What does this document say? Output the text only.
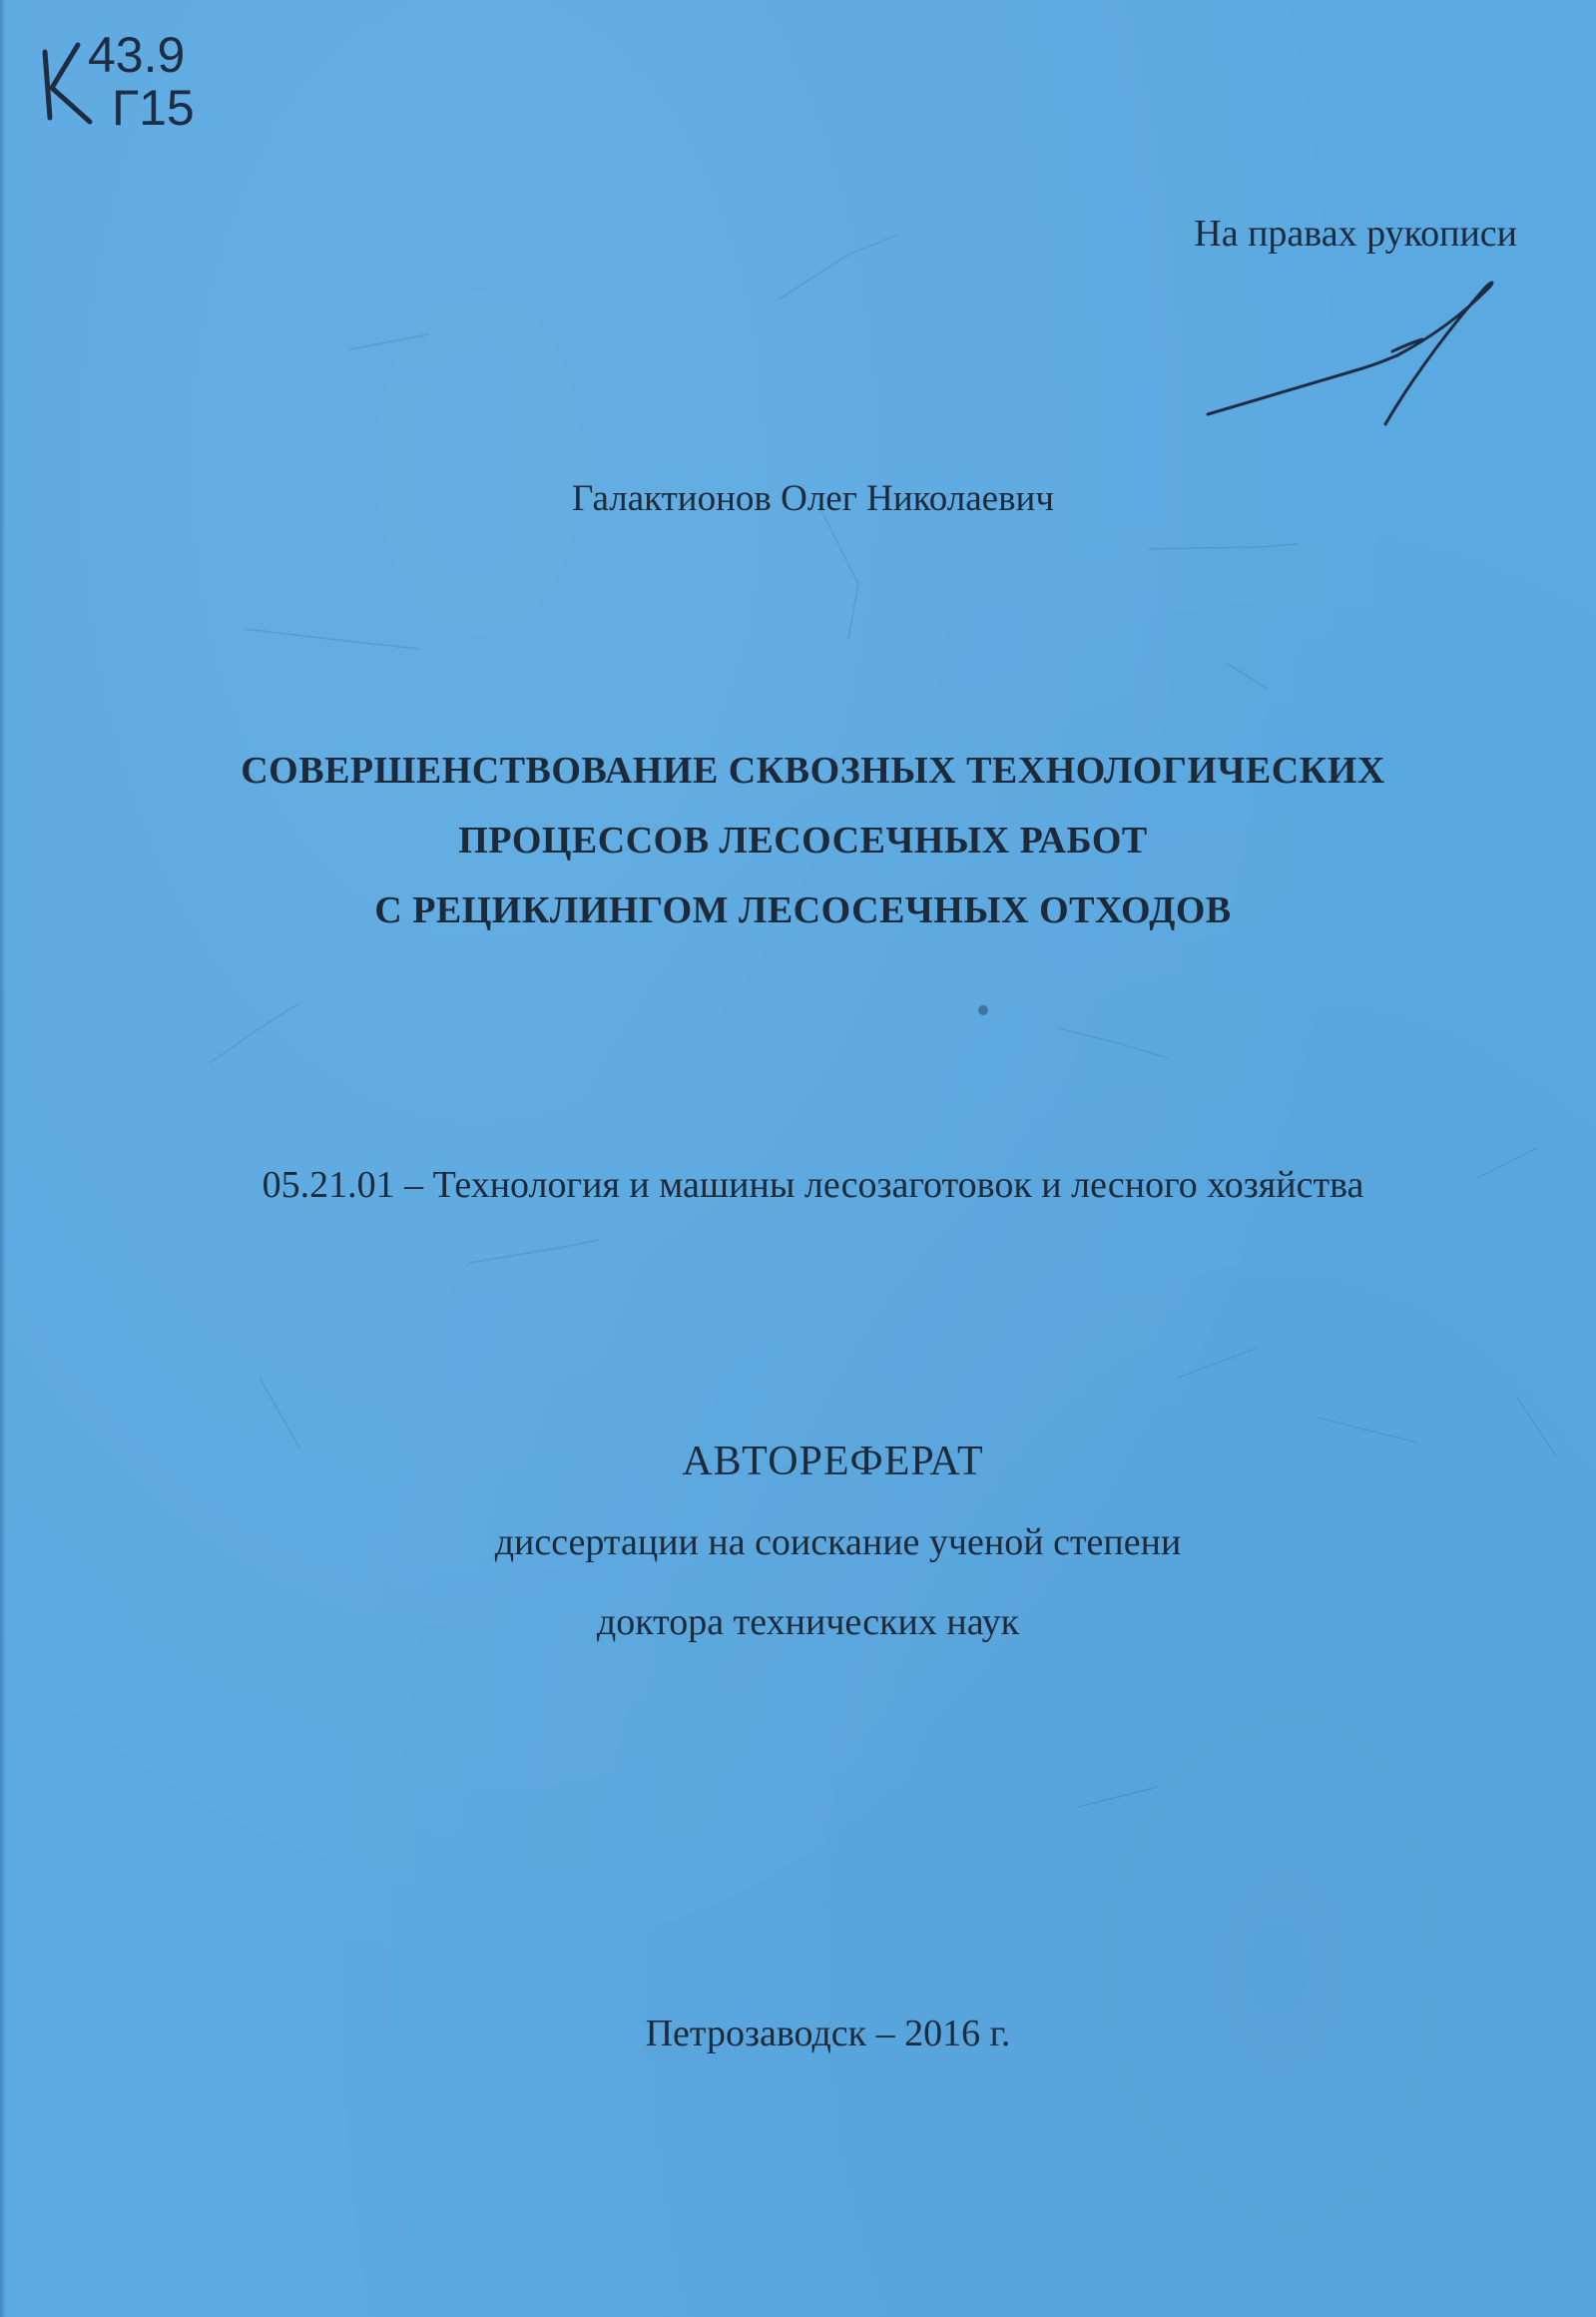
43.9
Г15
На правах рукописи
Галактионов Олег Николаевич
СОВЕРШЕНСТВОВАНИЕ СКВОЗНЫХ ТЕХНОЛОГИЧЕСКИХ
ПРОЦЕССОВ ЛЕСОСЕЧНЫХ РАБОТ
С РЕЦИКЛИНГОМ ЛЕСОСЕЧНЫХ ОТХОДОВ
05.21.01 – Технология и машины лесозаготовок и лесного хозяйства
АВТОРЕФЕРАТ
диссертации на соискание ученой степени
доктора технических наук
Петрозаводск – 2016 г.
